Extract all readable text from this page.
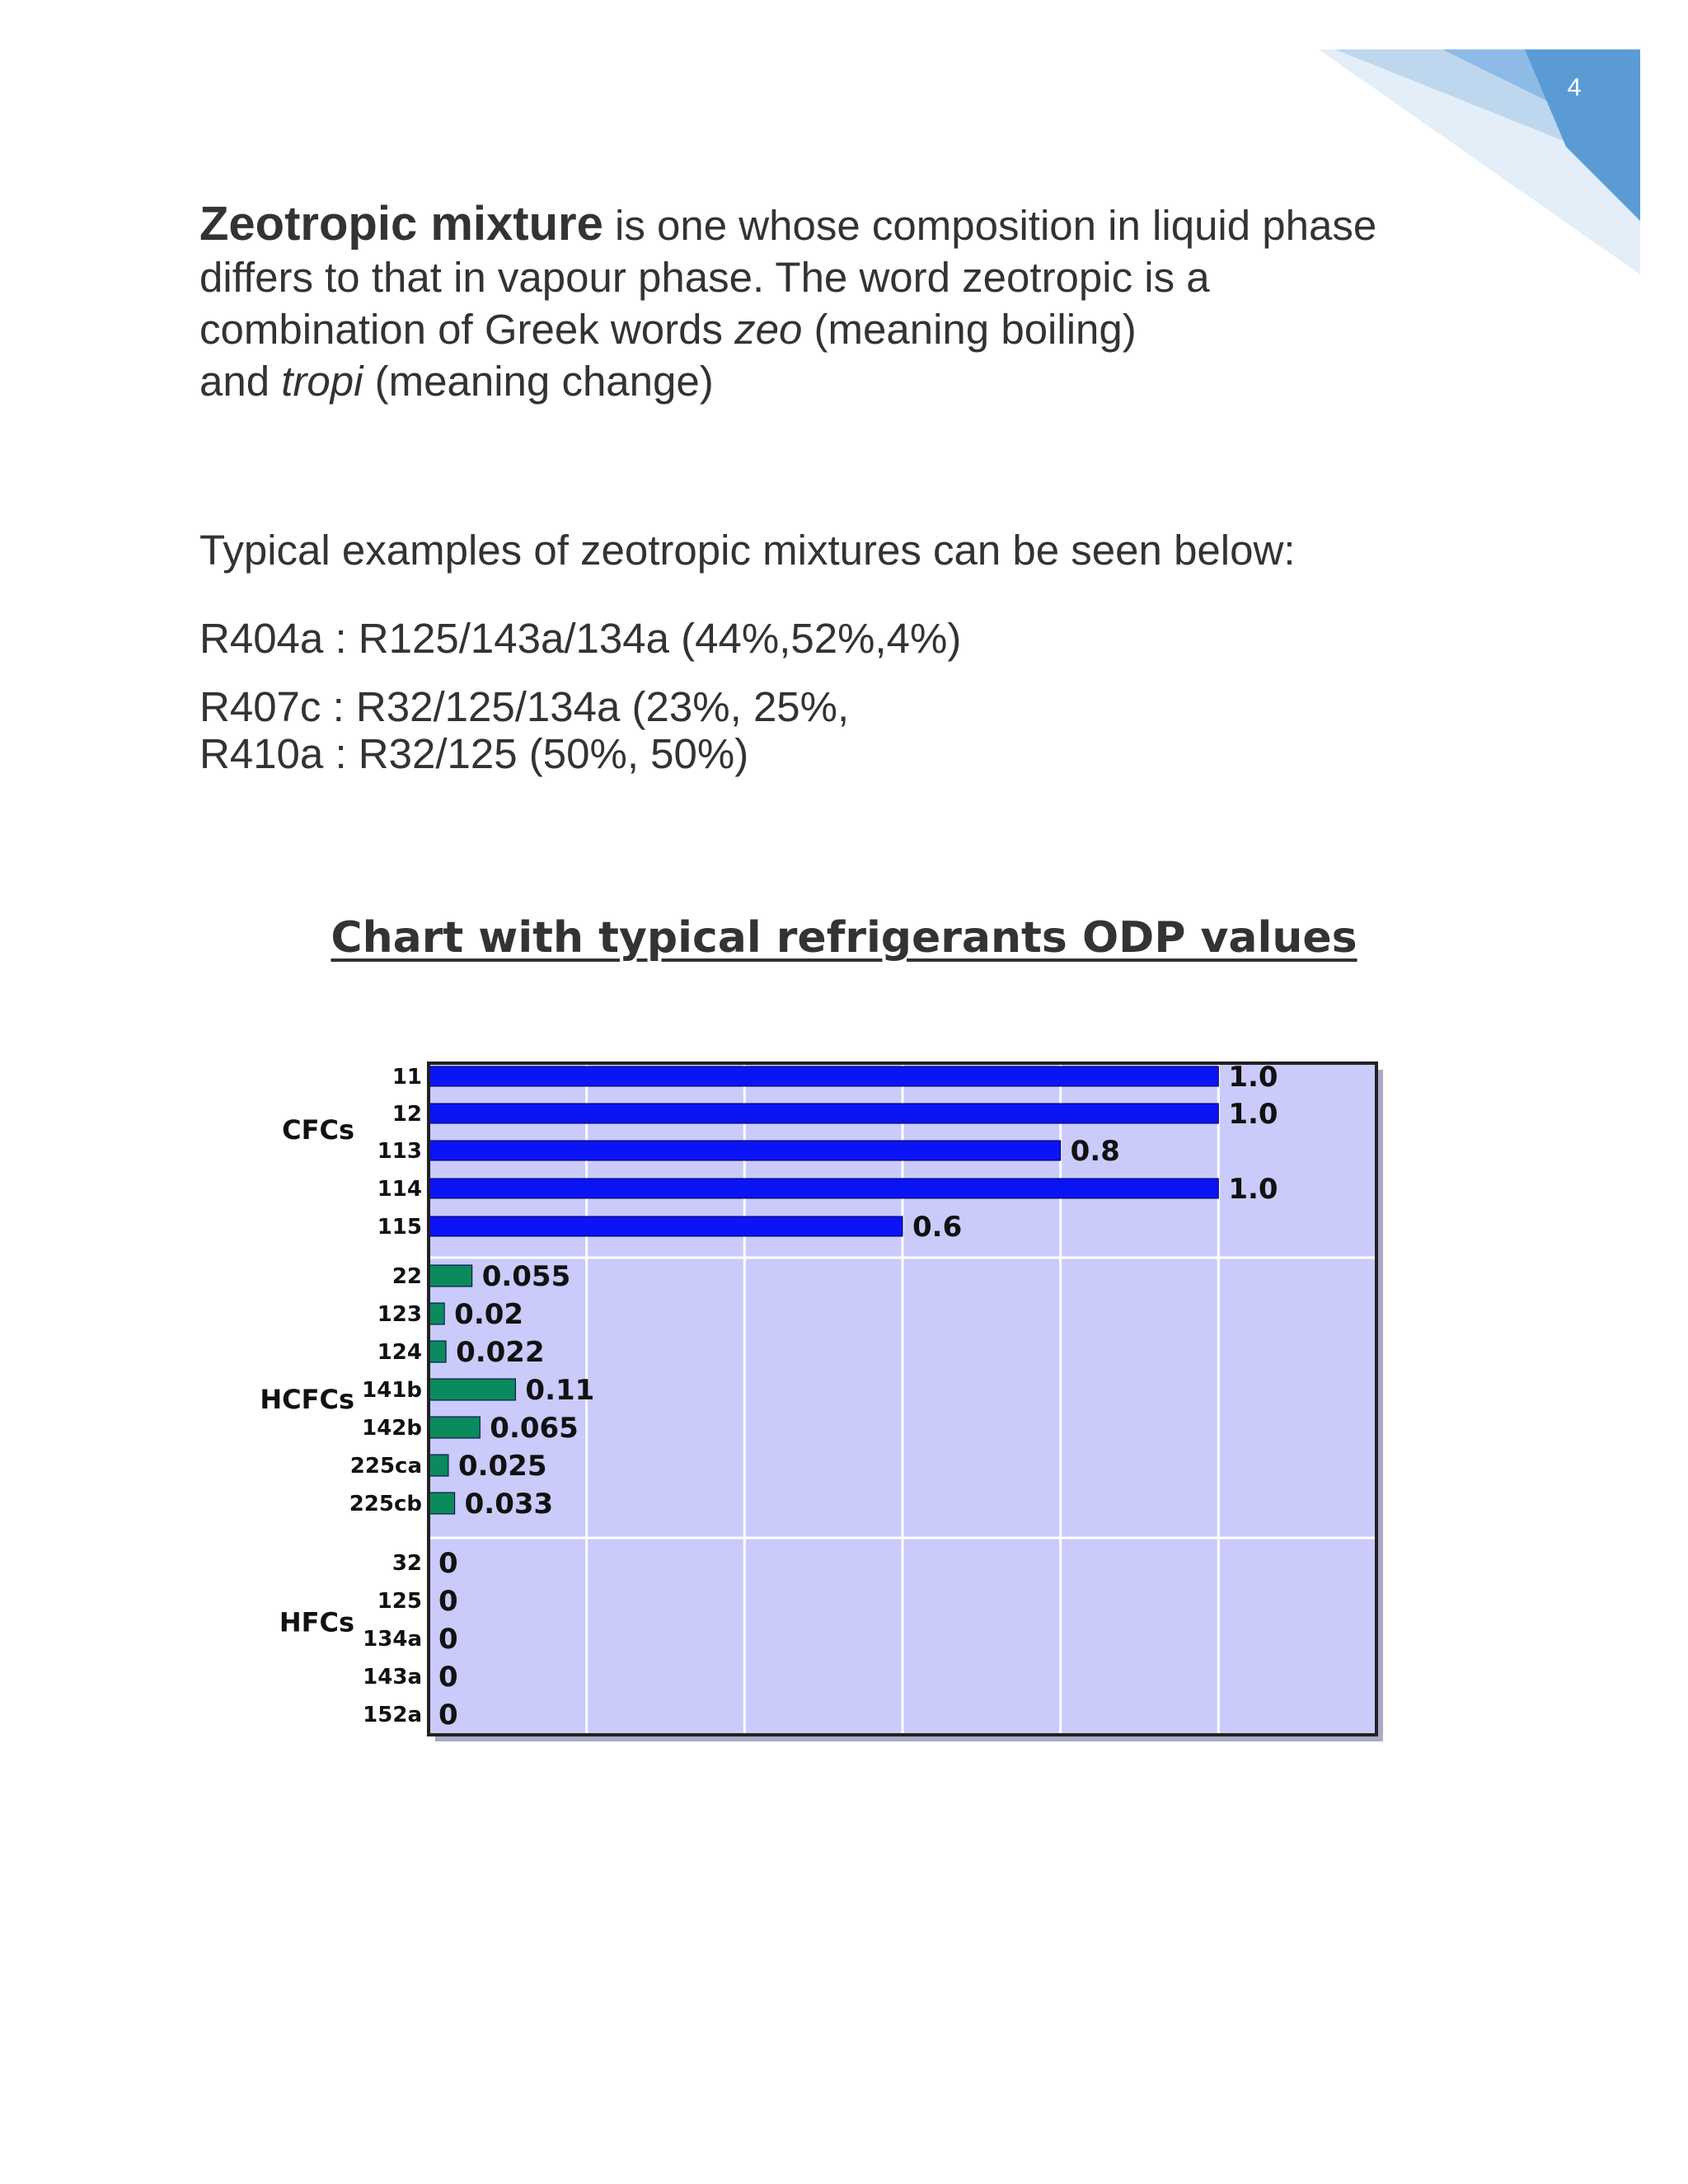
4

Zeotropic mixture is one whose composition in liquid phase
differs to that in vapour phase. The word zeotropic is a
combination of Greek words zeo (meaning boiling)
and tropi (meaning change)

Typical examples of zeotropic mixtures can be seen below:

R404a : R125/143a/134a (44%,52%,4%)
R407c : R32/125/134a (23%, 25%,
R410a : R32/125 (50%, 50%)
Chart with typical refrigerants ODP values
11	1.0
12	1.0
113	0.8
114	1.0
115	0.6
CFCs
22 0.055
123 0.02
124 0.022
141b	0.11
142b 0.065
225ca 0.025
225cb 0.033
HCFCs
32 0
125 0
134a 0
143a 0
152a 0
HFCs
